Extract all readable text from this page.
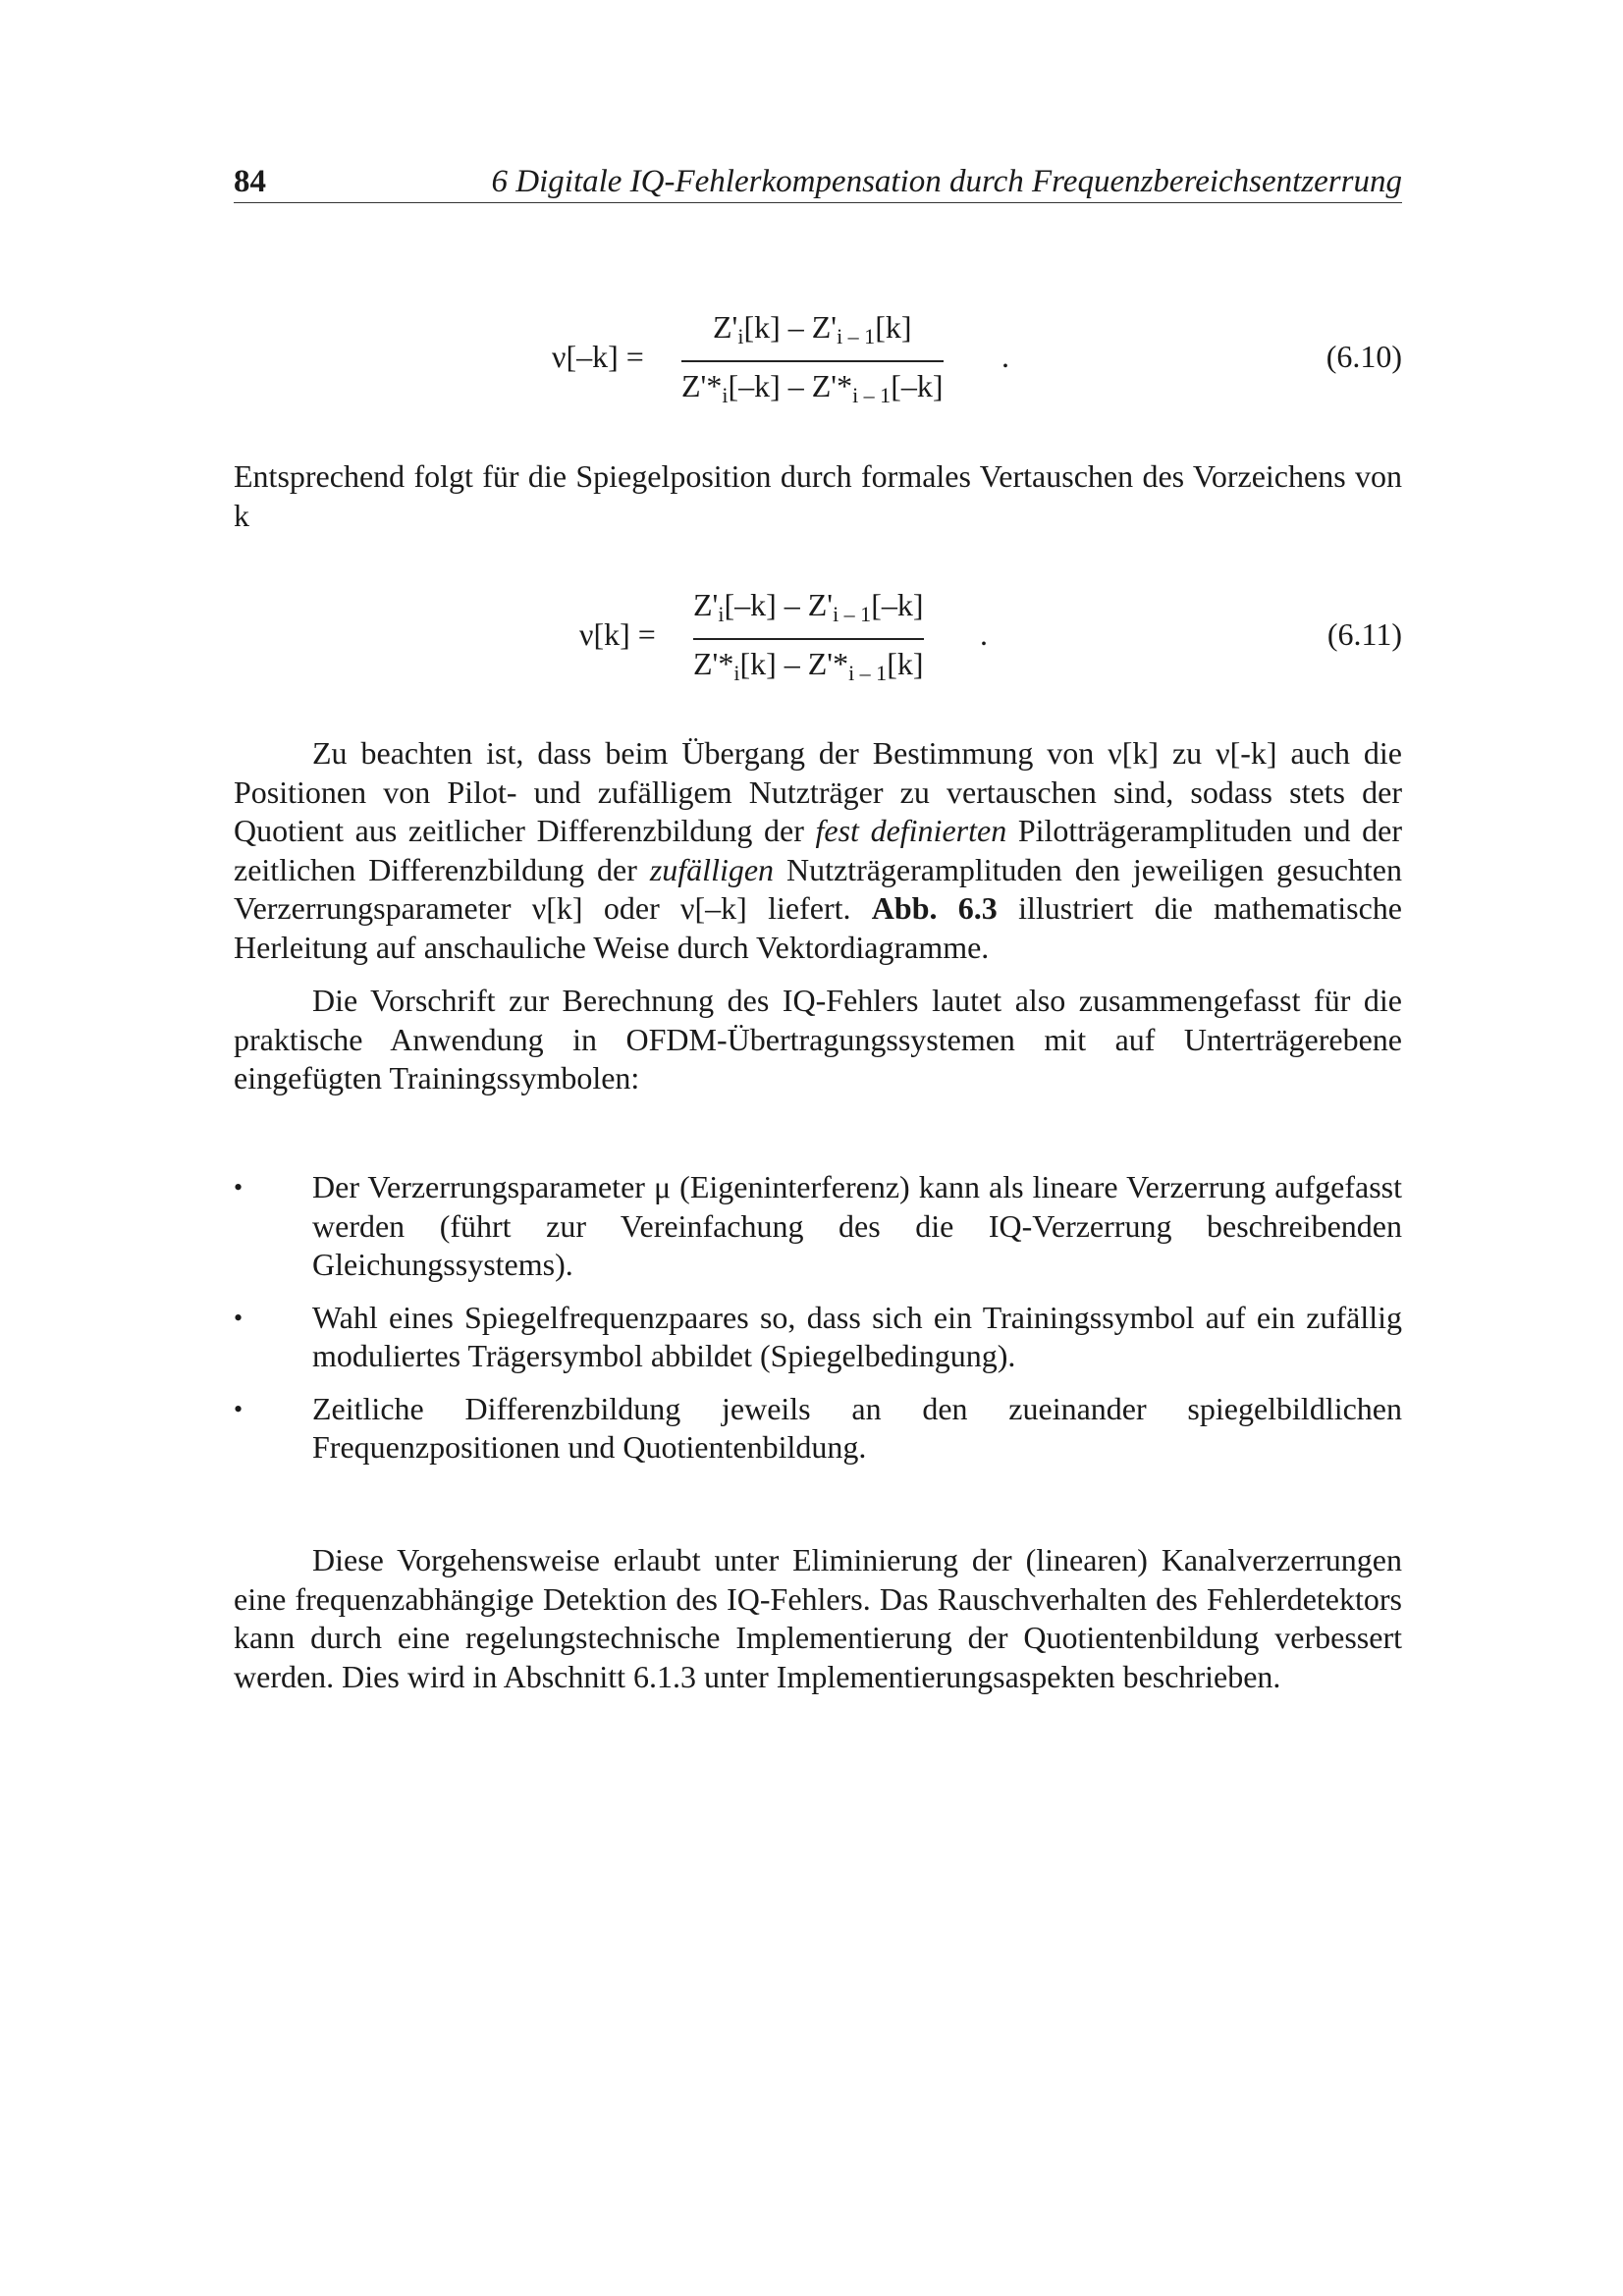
84	6 Digitale IQ-Fehlerkompensation durch Frequenzbereichsentzerrung
$\nu[-k] = \frac{Z'_i[k] - Z'_{i - 1}[k]}{Z'*_i[-k] - Z'*_{i - 1}[-k]}$ .	(6.10)

Entsprechend folgt für die Spiegelposition durch formales Vertauschen des Vorzeichens von k

$\nu[k] = \frac{Z'_i[-k] - Z'_{i - 1}[-k]}{Z'*_i[k] - Z'*_{i - 1}[k]}$ .	(6.11)

Zu beachten ist, dass beim Übergang der Bestimmung von ν[k] zu ν[-k] auch die Positionen von Pilot- und zufälligem Nutzträger zu vertauschen sind, sodass stets der Quotient aus zeitlicher Differenzbildung der fest definierten Pilotträgeramplituden und der zeitlichen Differenzbildung der zufälligen Nutzträgeramplituden den jeweiligen gesuchten Verzerrungsparameter ν[k] oder ν[–k] liefert. Abb. 6.3 illustriert die mathematische Herleitung auf anschauliche Weise durch Vektordiagramme.

Die Vorschrift zur Berechnung des IQ-Fehlers lautet also zusammengefasst für die praktische Anwendung in OFDM-Übertragungssystemen mit auf Unterträgerebene eingefügten Trainingssymbolen:

• Der Verzerrungsparameter μ (Eigeninterferenz) kann als lineare Verzerrung aufgefasst werden (führt zur Vereinfachung des die IQ-Verzerrung beschreibenden Gleichungssystems).
• Wahl eines Spiegelfrequenzpaares so, dass sich ein Trainingssymbol auf ein zufällig moduliertes Trägersymbol abbildet (Spiegelbedingung).
• Zeitliche Differenzbildung jeweils an den zueinander spiegelbildlichen Frequenzpositionen und Quotientenbildung.

Diese Vorgehensweise erlaubt unter Eliminierung der (linearen) Kanalverzerrungen eine frequenzabhängige Detektion des IQ-Fehlers. Das Rauschverhalten des Fehlerdetektors kann durch eine regelungstechnische Implementierung der Quotientenbildung verbessert werden. Dies wird in Abschnitt 6.1.3 unter Implementierungsaspekten beschrieben.
